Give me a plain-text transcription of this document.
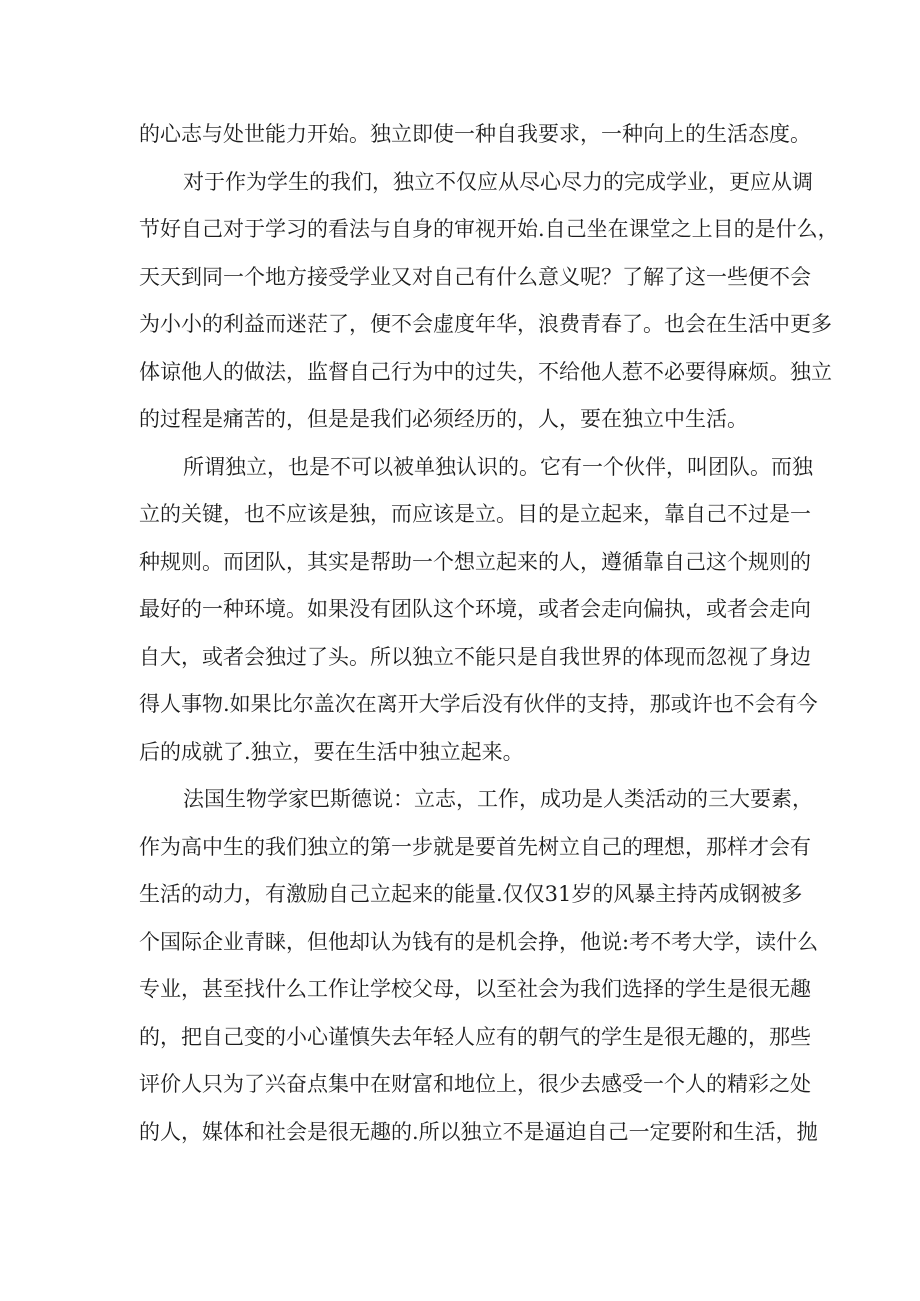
的心志与处世能力开始。独立即使一种自我要求，一种向上的生活态度。
对于作为学生的我们，独立不仅应从尽心尽力的完成学业，更应从调
节好自己对于学习的看法与自身的审视开始.自己坐在课堂之上目的是什么，
天天到同一个地方接受学业又对自己有什么意义呢？了解了这一些便不会
为小小的利益而迷茫了，便不会虚度年华，浪费青春了。也会在生活中更多
体谅他人的做法，监督自己行为中的过失，不给他人惹不必要得麻烦。独立
的过程是痛苦的，但是是我们必须经历的，人，要在独立中生活。
所谓独立，也是不可以被单独认识的。它有一个伙伴，叫团队。而独
立的关键，也不应该是独，而应该是立。目的是立起来，靠自己不过是一
种规则。而团队，其实是帮助一个想立起来的人，遵循靠自己这个规则的
最好的一种环境。如果没有团队这个环境，或者会走向偏执，或者会走向
自大，或者会独过了头。所以独立不能只是自我世界的体现而忽视了身边
得人事物.如果比尔盖次在离开大学后没有伙伴的支持，那或许也不会有今
后的成就了.独立，要在生活中独立起来。
法国生物学家巴斯德说：立志，工作，成功是人类活动的三大要素，
作为高中生的我们独立的第一步就是要首先树立自己的理想，那样才会有
生活的动力，有激励自己立起来的能量.仅仅31岁的风暴主持芮成钢被多
个国际企业青睐，但他却认为钱有的是机会挣，他说:考不考大学，读什么
专业，甚至找什么工作让学校父母，以至社会为我们选择的学生是很无趣
的，把自己变的小心谨慎失去年轻人应有的朝气的学生是很无趣的，那些
评价人只为了兴奋点集中在财富和地位上，很少去感受一个人的精彩之处
的人，媒体和社会是很无趣的.所以独立不是逼迫自己一定要附和生活，抛
